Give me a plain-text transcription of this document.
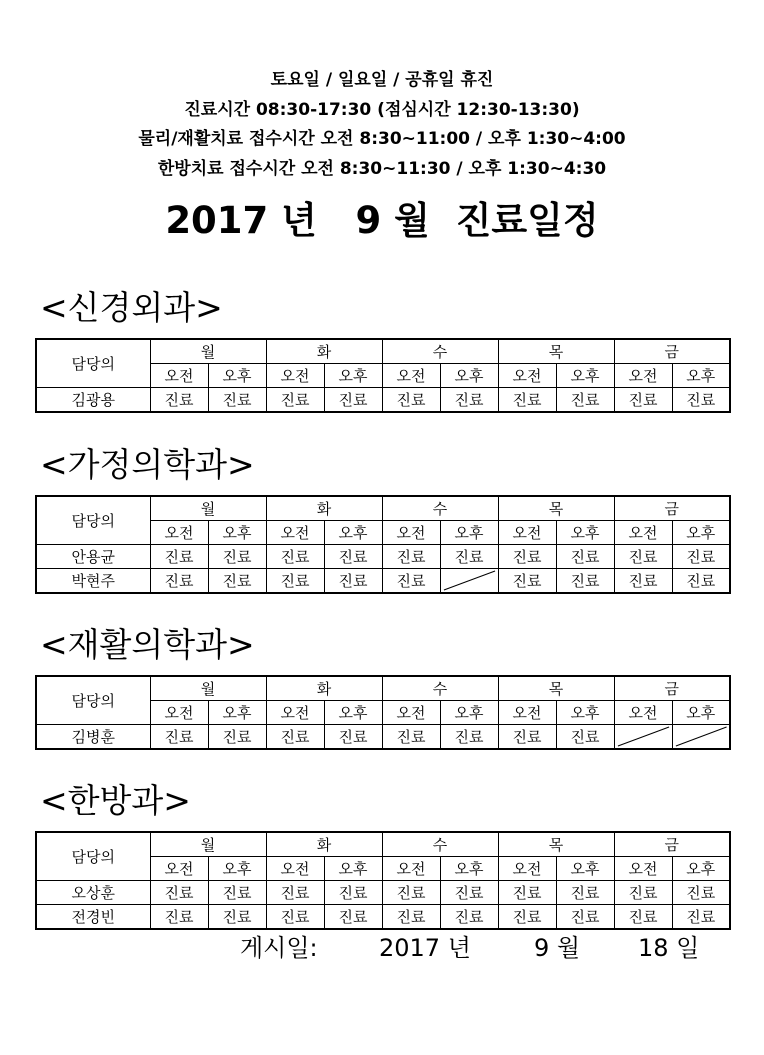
토요일 / 일요일 / 공휴일 휴진

진료시간 08:30-17:30 (점심시간 12:30-13:30)

물리/재활치료 접수시간 오전 8:30~11:00 / 오후 1:30~4:00

한방치료 접수시간 오전 8:30~11:30 / 오후 1:30~4:30

2017 년   9 월  진료일정
<신경외과>
담당의	월		화		수		목		금	
	오전	오후	오전	오후	오전	오후	오전	오후	오전	오후
김광용	진료	진료	진료	진료	진료	진료	진료	진료	진료	진료
<가정의학과>
담당의	월		화		수		목		금	
	오전	오후	오전	오후	오전	오후	오전	오후	오전	오후
안용균	진료	진료	진료	진료	진료	진료	진료	진료	진료	진료
박현주	진료	진료	진료	진료	진료		진료	진료	진료	진료
<재활의학과>
담당의	월		화		수		목		금	
	오전	오후	오전	오후	오전	오후	오전	오후	오전	오후
김병훈	진료	진료	진료	진료	진료	진료	진료	진료	

<한방과>
담당의	월		화		수		목		금	
	오전	오후	오전	오후	오전	오후	오전	오후	오전	오후
오상훈	진료	진료	진료	진료	진료	진료	진료	진료	진료	진료
전경빈	진료	진료	진료	진료	진료	진료	진료	진료	진료	진료
게시일:	2017 년	9 월 18 일
